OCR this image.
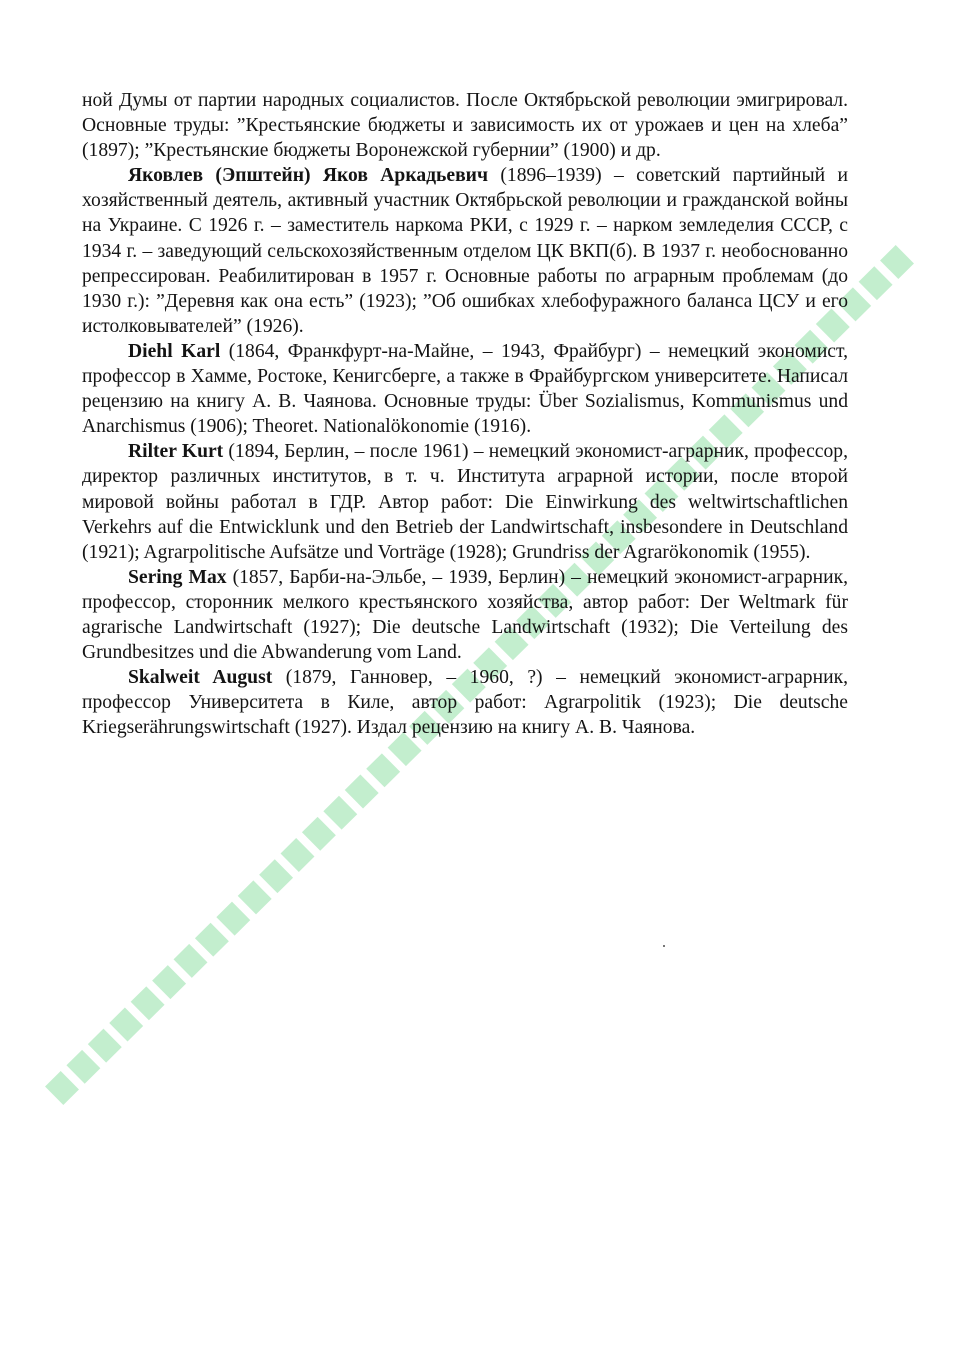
ной Думы от партии народных социалистов. После Октябрьской революции эмигрировал. Основные труды: ”Крестьянские бюджеты и зависимость их от урожаев и цен на хлеба” (1897); ”Крестьянские бюджеты Воронежской губернии” (1900) и др.

Яковлев (Эпштейн) Яков Аркадьевич (1896–1939) – советский партийный и хозяйственный деятель, активный участник Октябрьской революции и гражданской войны на Украине. С 1926 г. – заместитель наркома РКИ, с 1929 г. – нарком земледелия СССР, с 1934 г. – заведующий сельскохозяйственным отделом ЦК ВКП(б). В 1937 г. необоснованно репрессирован. Реабилитирован в 1957 г. Основные работы по аграрным проблемам (до 1930 г.): ”Деревня как она есть” (1923); ”Об ошибках хлебофуражного баланса ЦСУ и его истолковывателей” (1926).

Diehl Karl (1864, Франкфурт-на-Майне, – 1943, Фрайбург) – немецкий экономист, профессор в Хамме, Ростоке, Кенигсберге, а также в Фрайбургском университете. Написал рецензию на книгу А. В. Чаянова. Основные труды: Über Sozialismus, Kommunismus und Anarchismus (1906); Theoret. Nationalökonomie (1916).

Rilter Kurt (1894, Берлин, – после 1961) – немецкий экономист-аграрник, профессор, директор различных институтов, в т. ч. Института аграрной истории, после второй мировой войны работал в ГДР. Автор работ: Die Einwirkung des weltwirtschaftlichen Verkehrs auf die Entwicklunk und den Betrieb der Landwirtschaft, insbesondere in Deutschland (1921); Agrarpolitische Aufsätze und Vorträge (1928); Grundriss der Agrarökonomik (1955).

Sering Max (1857, Барби-на-Эльбе, – 1939, Берлин) – немецкий экономист-аграрник, профессор, сторонник мелкого крестьянского хозяйства, автор работ: Der Weltmark für agrarische Landwirtschaft (1927); Die deutsche Landwirtschaft (1932); Die Verteilung des Grundbesitzes und die Abwanderung vom Land.

Skalweit August (1879, Ганновер, – 1960, ?) – немецкий экономист-аграрник, профессор Университета в Киле, автор работ: Agrarpolitik (1923); Die deutsche Kriegserährungswirtschaft (1927). Издал рецензию на книгу А. В. Чаянова.
